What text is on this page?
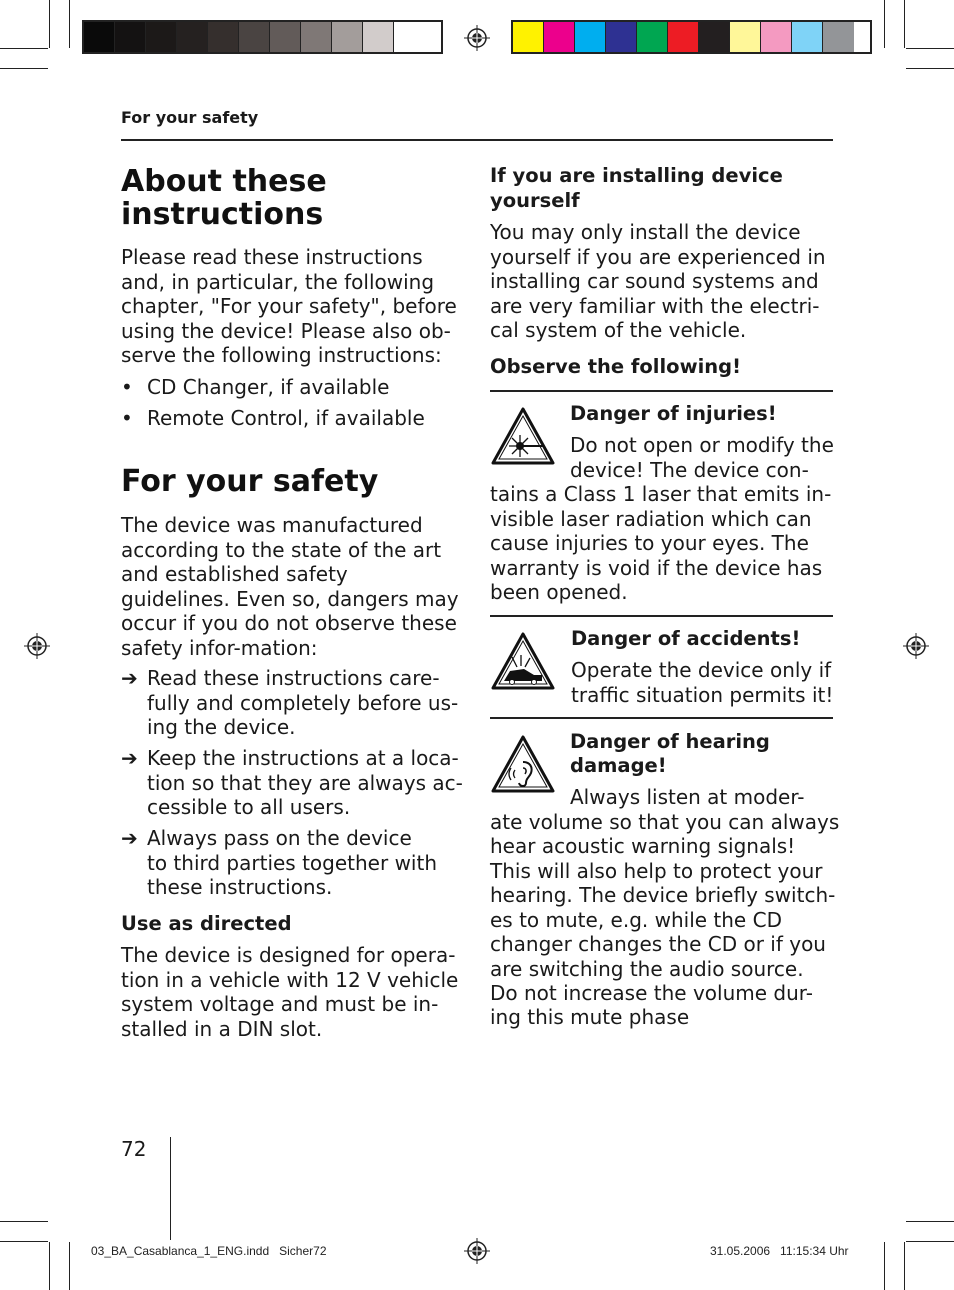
For your safety
About these instructions
Please read these instructions and, in particular, the following chapter, "For your safety", before using the device! Please also ob-serve the following instructions:
• CD Changer, if available
• Remote Control, if available
For your safety
The device was manufactured according to the state of the art and established safety guidelines. Even so, dangers may occur if you do not observe these safety infor-mation:
➔ Read these instructions care-
fully and completely before us-
ing the device.
➔ Keep the instructions at a loca-
tion so that they are always ac-
cessible to all users.
➔ Always pass on the device
to third parties together with
these instructions.
Use as directed
The device is designed for opera-tion in a vehicle with 12 V vehicle system voltage and must be in-stalled in a DIN slot.
If you are installing device yourself
You may only install the device yourself if you are experienced in installing car sound systems and are very familiar with the electri-cal system of the vehicle.
Observe the following!
Danger of injuries!
Do not open or modify the
device! The device con-
tains a Class 1 laser that emits in-
visible laser radiation which can
cause injuries to your eyes. The
warranty is void if the device has
been opened.
Danger of accidents!
Operate the device only if
traffic situation permits it!
Danger of hearing
damage!
Always listen at moder-
ate volume so that you can always
hear acoustic warning signals!
This will also help to protect your
hearing. The device briefly switch-
es to mute, e.g. while the CD
changer changes the CD or if you
are switching the audio source.
Do not increase the volume dur-
ing this mute phase
72
03_BA_Casablanca_1_ENG.indd   Sicher72	31.05.2006   11:15:34 Uhr
